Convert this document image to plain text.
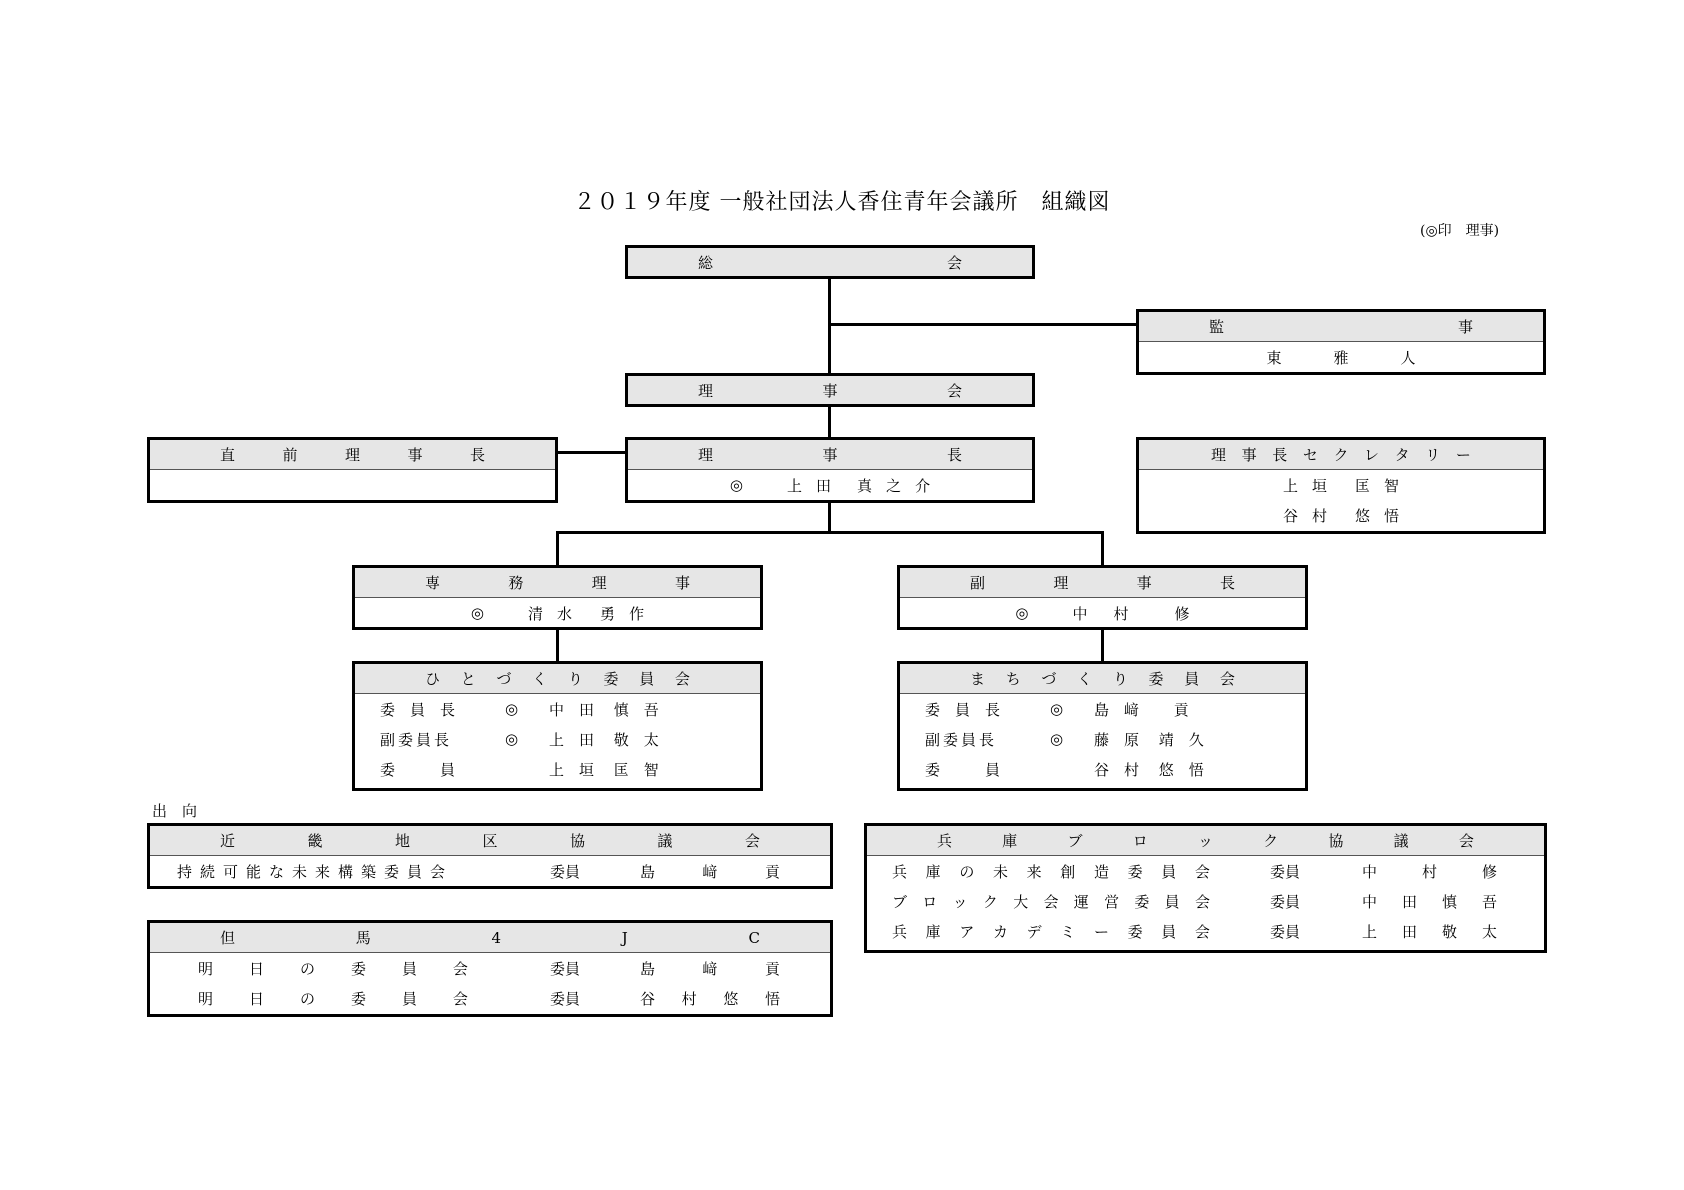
２０１９年度 一般社団法人香住青年会議所　組織図
(◎印　理事)
総	会
監	事
東	雅	人
理	事	会
直	前	理	事	長	理	事	長
◎	上 田 真 之 介
理 事 長 セ ク レ タ リ ー
上 垣 匡 智
谷 村 悠 悟
専	務	理	事
◎	清 水 勇 作
副	理	事	長
◎	中 村	修
ひ と づ く り 委 員 会
委　員　長	◎	中　田　 慎　吾
副委員長	◎	上　田　 敬　太
委　　　員	上　垣　 匡　智
ま ち づ く り 委 員 会
委　員　長	◎	島　﨑　　 貢
副委員長	◎	藤　原　 靖　久
委　　　員	谷　村　 悠　悟
出　向
近	畿	地	区	協	議	会
持続可能な未来構築委員会	委員	島	﨑	貢
但	馬	4	J	C
明 日 の 委 員 会	委員	島	﨑	貢
明 日 の 委 員 会	委員	谷 村 悠 悟
兵	庫	ブ	ロ	ッ	ク	協	議	会
兵 庫 の 未 来 創 造 委 員 会	委員	中	村	修
ブ ロ ッ ク 大 会 運 営 委 員 会	委員	中 田 慎 吾
兵 庫 ア カ デ ミ ー 委 員 会	委員	上 田 敬 太
